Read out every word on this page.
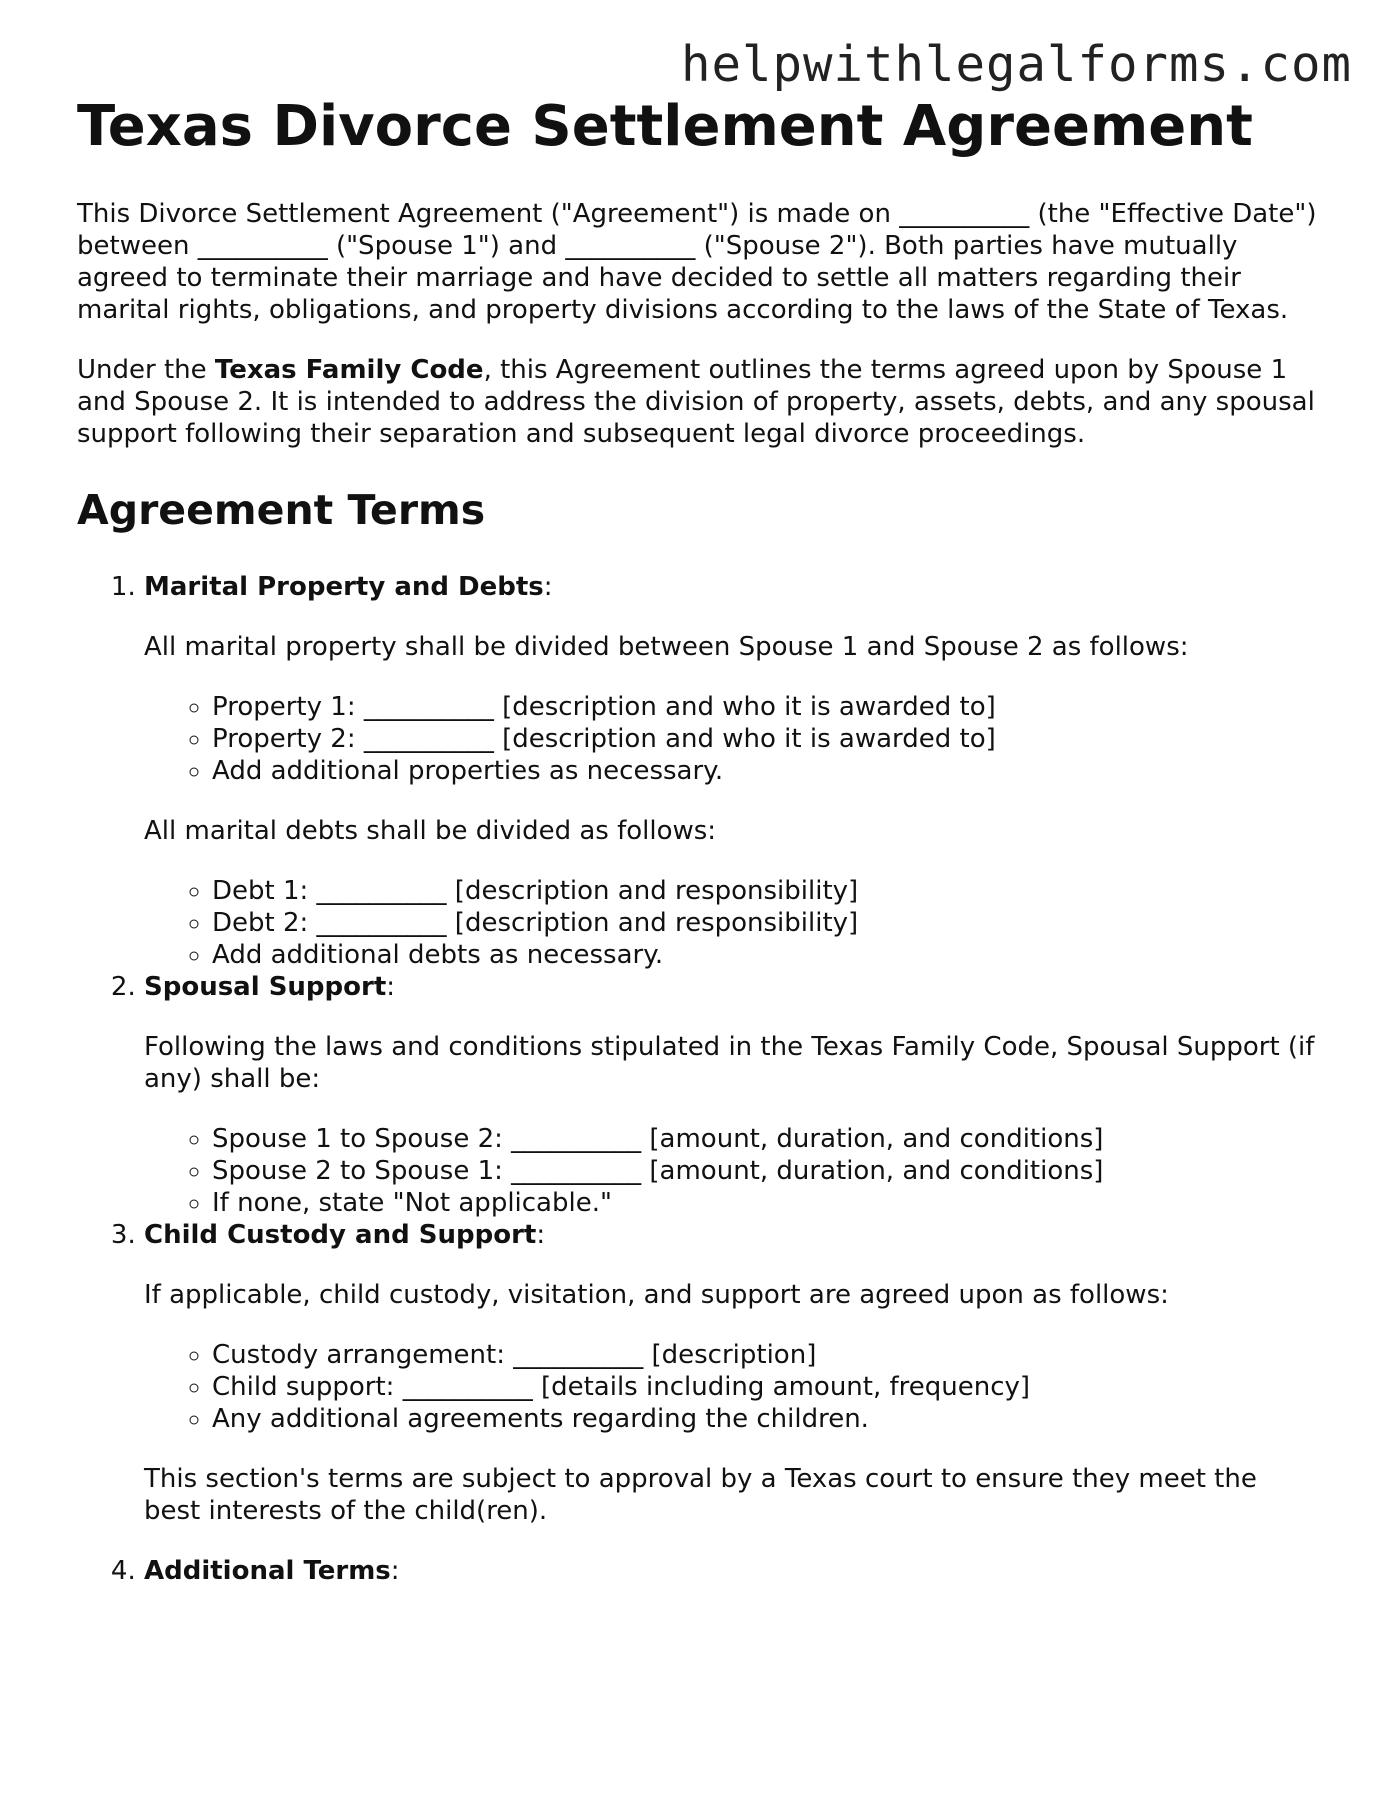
helpwithlegalforms.com
Texas Divorce Settlement Agreement

This Divorce Settlement Agreement ("Agreement") is made on __________ (the "Effective Date") between __________ ("Spouse 1") and __________ ("Spouse 2"). Both parties have mutually agreed to terminate their marriage and have decided to settle all matters regarding their marital rights, obligations, and property divisions according to the laws of the State of Texas.

Under the Texas Family Code, this Agreement outlines the terms agreed upon by Spouse 1 and Spouse 2. It is intended to address the division of property, assets, debts, and any spousal support following their separation and subsequent legal divorce proceedings.

Agreement Terms
1. Marital Property and Debts:

All marital property shall be divided between Spouse 1 and Spouse 2 as follows:

◦ Property 1: __________ [description and who it is awarded to]
◦ Property 2: __________ [description and who it is awarded to]
◦ Add additional properties as necessary.

All marital debts shall be divided as follows:

◦ Debt 1: __________ [description and responsibility]
◦ Debt 2: __________ [description and responsibility]
◦ Add additional debts as necessary.
2. Spousal Support:

Following the laws and conditions stipulated in the Texas Family Code, Spousal Support (if any) shall be:

◦ Spouse 1 to Spouse 2: __________ [amount, duration, and conditions]
◦ Spouse 2 to Spouse 1: __________ [amount, duration, and conditions]
◦ If none, state "Not applicable."
3. Child Custody and Support:

If applicable, child custody, visitation, and support are agreed upon as follows:

◦ Custody arrangement: __________ [description]
◦ Child support: __________ [details including amount, frequency]
◦ Any additional agreements regarding the children.

This section's terms are subject to approval by a Texas court to ensure they meet the best interests of the child(ren).

4. Additional Terms:
